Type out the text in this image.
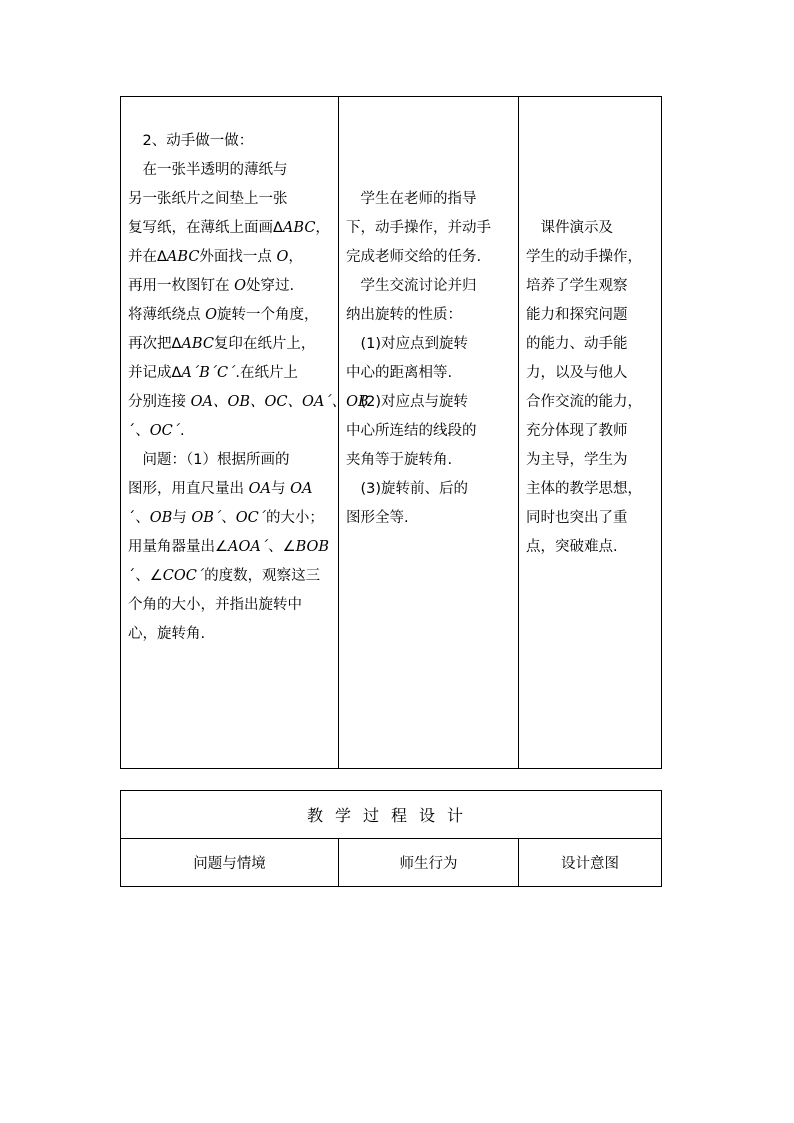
　2、动手做一做：
　在一张半透明的薄纸与
另一张纸片之间垫上一张
复写纸，在薄纸上面画ΔABC，
并在ΔABC外面找一点 O，
再用一枚图钉在 O处穿过.
将薄纸绕点 O旋转一个角度，
再次把ΔABC复印在纸片上，
并记成ΔA´B´C´.在纸片上
分别连接 OA、OB、OC、OA´、OB
´、OC´.
　问题：（1）根据所画的
图形，用直尺量出 OA与 OA
´、OB与 OB´、OC´的大小；
用量角器量出∠AOA´、∠BOB
´、∠COC´的度数，观察这三
个角的大小，并指出旋转中
心，旋转角.
　学生在老师的指导
下，动手操作，并动手
完成老师交给的任务.
　学生交流讨论并归
纳出旋转的性质：
　(1)对应点到旋转
中心的距离相等.
　(2)对应点与旋转
中心所连结的线段的
夹角等于旋转角.
　(3)旋转前、后的
图形全等.
　课件演示及
学生的动手操作，
培养了学生观察
能力和探究问题
的能力、动手能
力，以及与他人
合作交流的能力，
充分体现了教师
为主导，学生为
主体的教学思想，
同时也突出了重
点，突破难点.
教学过程设计
问题与情境	师生行为	设计意图
